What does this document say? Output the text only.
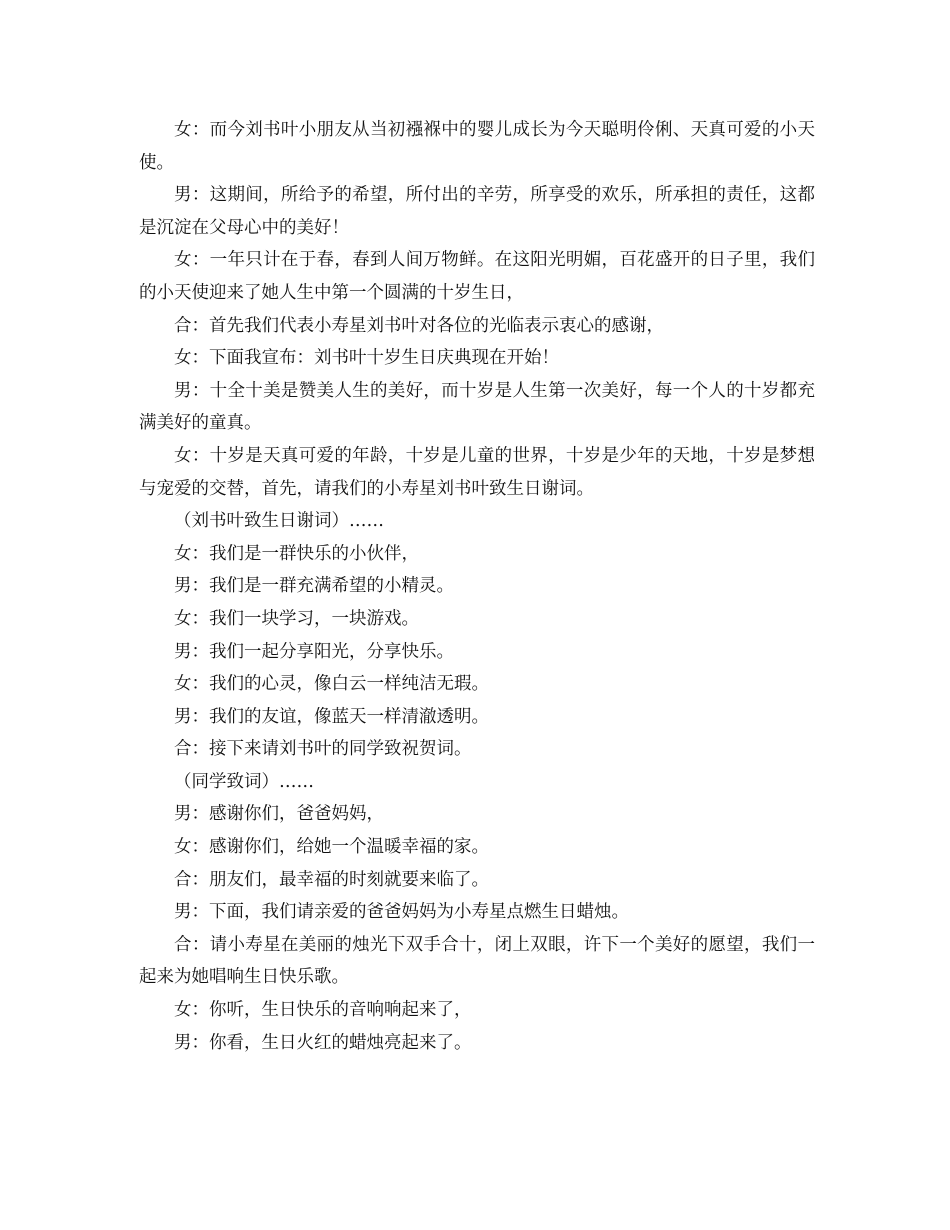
女：而今刘书叶小朋友从当初襁褓中的婴儿成长为今天聪明伶俐、天真可爱的小天使。

男：这期间，所给予的希望，所付出的辛劳，所享受的欢乐，所承担的责任，这都是沉淀在父母心中的美好！

女：一年只计在于春，春到人间万物鲜。在这阳光明媚，百花盛开的日子里，我们的小天使迎来了她人生中第一个圆满的十岁生日，

合：首先我们代表小寿星刘书叶对各位的光临表示衷心的感谢，

女：下面我宣布：刘书叶十岁生日庆典现在开始！

男：十全十美是赞美人生的美好，而十岁是人生第一次美好，每一个人的十岁都充满美好的童真。

女：十岁是天真可爱的年龄，十岁是儿童的世界，十岁是少年的天地，十岁是梦想与宠爱的交替，首先，请我们的小寿星刘书叶致生日谢词。

（刘书叶致生日谢词）……

女：我们是一群快乐的小伙伴，

男：我们是一群充满希望的小精灵。

女：我们一块学习，一块游戏。

男：我们一起分享阳光，分享快乐。

女：我们的心灵，像白云一样纯洁无瑕。

男：我们的友谊，像蓝天一样清澈透明。

合：接下来请刘书叶的同学致祝贺词。

（同学致词）……

男：感谢你们，爸爸妈妈，

女：感谢你们，给她一个温暖幸福的家。

合：朋友们，最幸福的时刻就要来临了。

男：下面，我们请亲爱的爸爸妈妈为小寿星点燃生日蜡烛。

合：请小寿星在美丽的烛光下双手合十，闭上双眼，许下一个美好的愿望，我们一起来为她唱响生日快乐歌。

女：你听，生日快乐的音响响起来了，

男：你看，生日火红的蜡烛亮起来了。
